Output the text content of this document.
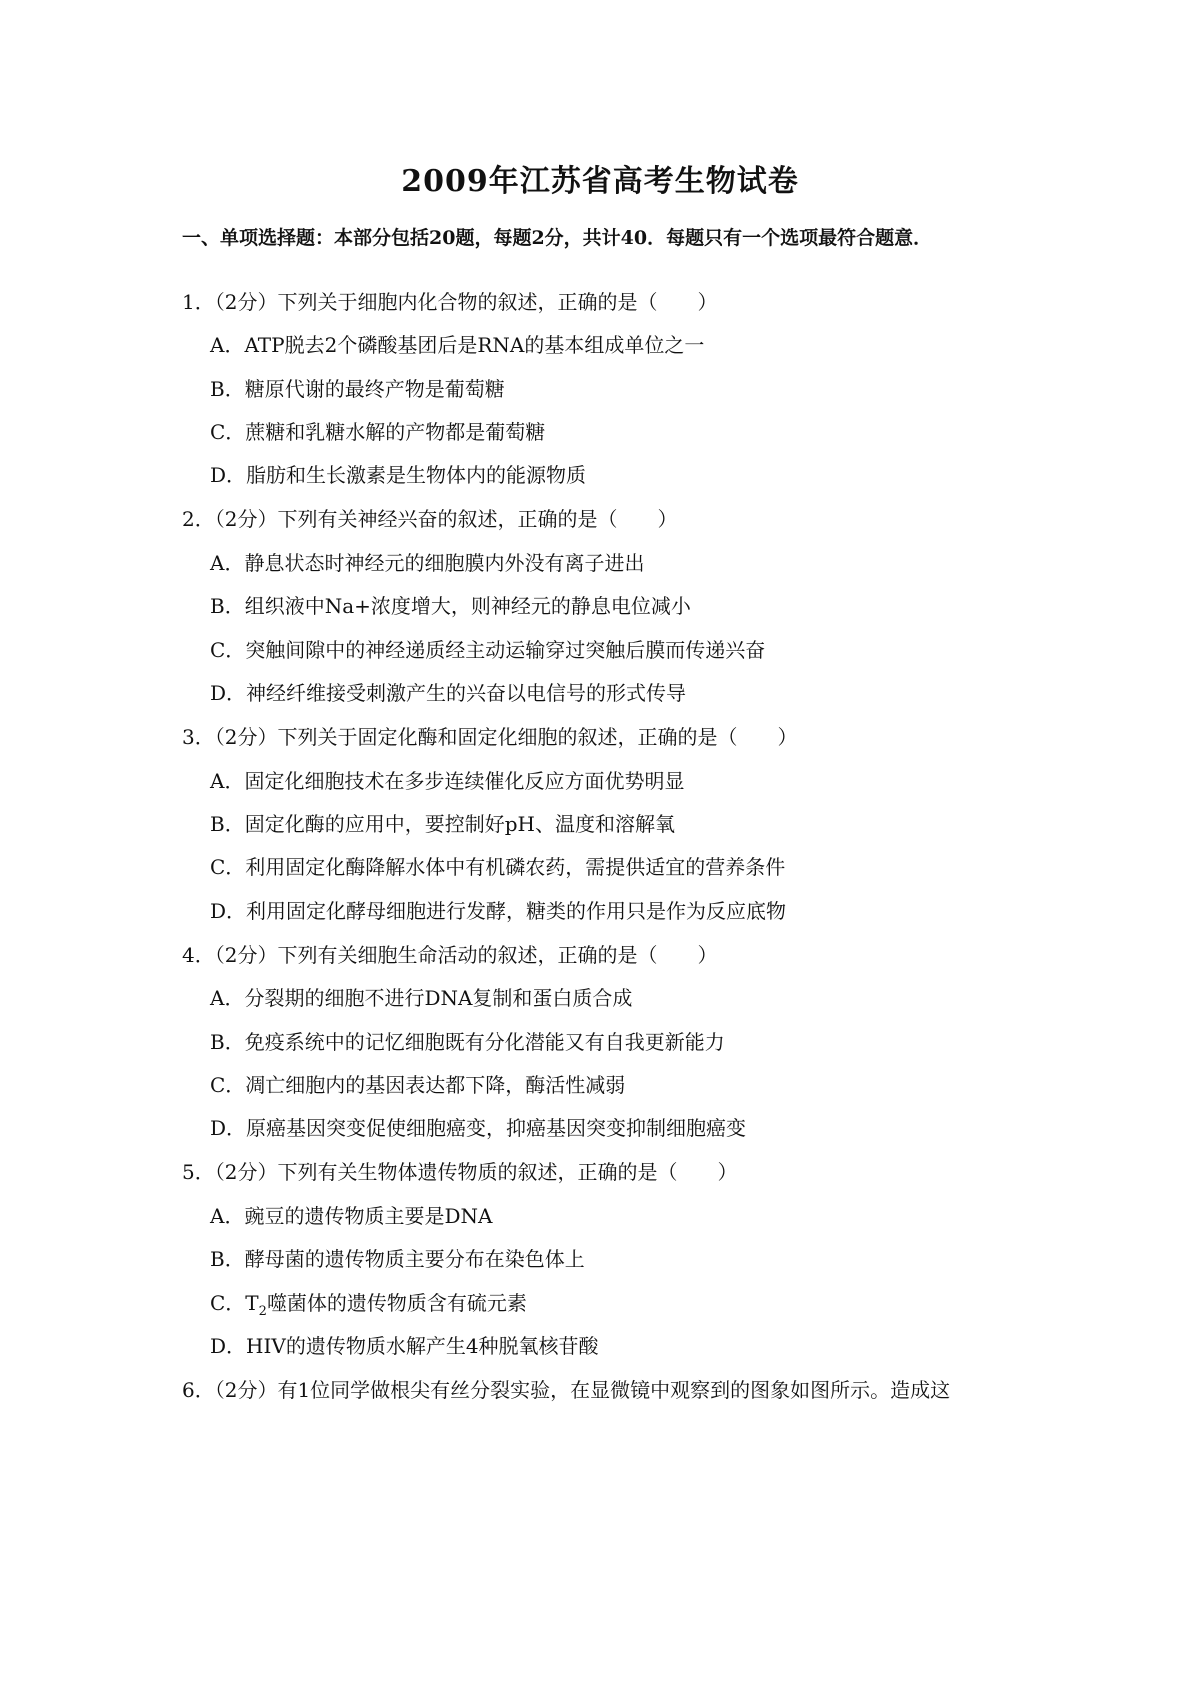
2009年江苏省高考生物试卷
一、单项选择题：本部分包括20题，每题2分，共计40．每题只有一个选项最符合题意．
1．（2分）下列关于细胞内化合物的叙述，正确的是（　　）
A．ATP脱去2个磷酸基团后是RNA的基本组成单位之一
B．糖原代谢的最终产物是葡萄糖
C．蔗糖和乳糖水解的产物都是葡萄糖
D．脂肪和生长激素是生物体内的能源物质
2．（2分）下列有关神经兴奋的叙述，正确的是（　　）
A．静息状态时神经元的细胞膜内外没有离子进出
B．组织液中Na+浓度增大，则神经元的静息电位减小
C．突触间隙中的神经递质经主动运输穿过突触后膜而传递兴奋
D．神经纤维接受刺激产生的兴奋以电信号的形式传导
3．（2分）下列关于固定化酶和固定化细胞的叙述，正确的是（　　）
A．固定化细胞技术在多步连续催化反应方面优势明显
B．固定化酶的应用中，要控制好pH、温度和溶解氧
C．利用固定化酶降解水体中有机磷农药，需提供适宜的营养条件
D．利用固定化酵母细胞进行发酵，糖类的作用只是作为反应底物
4．（2分）下列有关细胞生命活动的叙述，正确的是（　　）
A．分裂期的细胞不进行DNA复制和蛋白质合成
B．免疫系统中的记忆细胞既有分化潜能又有自我更新能力
C．凋亡细胞内的基因表达都下降，酶活性减弱
D．原癌基因突变促使细胞癌变，抑癌基因突变抑制细胞癌变
5．（2分）下列有关生物体遗传物质的叙述，正确的是（　　）
A．豌豆的遗传物质主要是DNA
B．酵母菌的遗传物质主要分布在染色体上
C．$T_2$噬菌体的遗传物质含有硫元素
D．HIV的遗传物质水解产生4种脱氧核苷酸
6．（2分）有1位同学做根尖有丝分裂实验，在显微镜中观察到的图象如图所示。造成这
